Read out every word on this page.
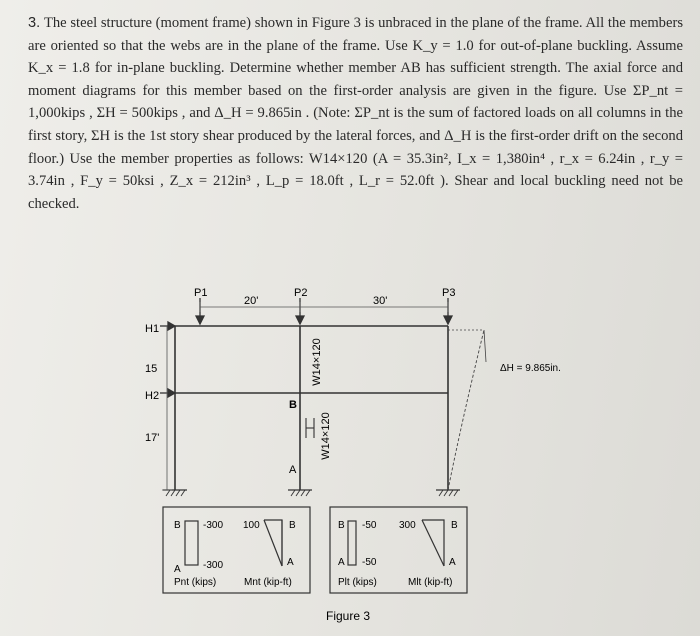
3. The steel structure (moment frame) shown in Figure 3 is unbraced in the plane of the frame. All the members are oriented so that the webs are in the plane of the frame. Use K_y = 1.0 for out-of-plane buckling. Assume K_x = 1.8 for in-plane buckling. Determine whether member AB has sufficient strength. The axial force and moment diagrams for this member based on the first-order analysis are given in the figure. Use ΣP_nt = 1,000kips , ΣH = 500kips , and Δ_H = 9.865in . (Note: ΣP_nt is the sum of factored loads on all columns in the first story, ΣH is the 1st story shear produced by the lateral forces, and Δ_H is the first-order drift on the second floor.) Use the member properties as follows: W14×120 (A = 35.3in², I_x = 1,380in⁴ , r_x = 6.24in , r_y = 3.74in , F_y = 50ksi , Z_x = 212in³ , L_p = 18.0ft , L_r = 52.0ft ). Shear and local buckling need not be checked.

P1	P2	P3
20'	30'
H1
H2
15
17'
W14×120
W14×120
B
A
ΔH = 9.865in.
B -300
A -300
Pnt (kips)
100	B
A
Mnt (kip-ft)
B -50
A -50
Plt (kips)
300	B
A
Mlt (kip-ft)
Figure 3
